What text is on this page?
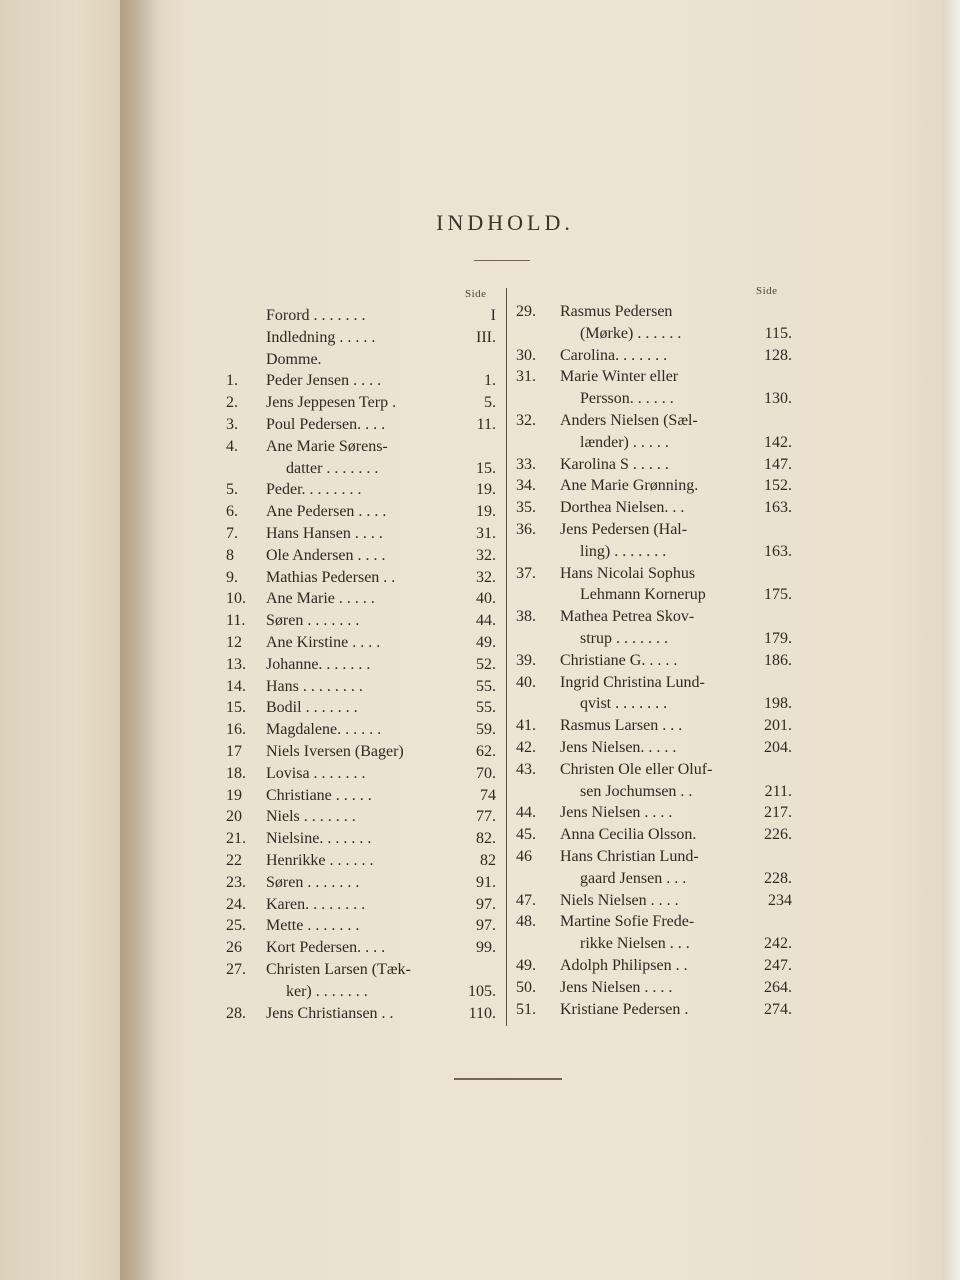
INDHOLD.
Side	Side
Forord . . . . . . .	I
Indledning . . . . .	III.
Domme.
1.	Peder Jensen . . . .	1.
2.	Jens Jeppesen Terp .	5.
3.	Poul Pedersen. . . .	11.
4.	Ane Marie Sørens-
datter . . . . . . .	15.
5.	Peder. . . . . . . .	19.
6.	Ane Pedersen . . . .	19.
7.	Hans Hansen . . . .	31.
8	Ole Andersen . . . .	32.
9.	Mathias Pedersen . .	32.
10.	Ane Marie . . . . .	40.
11.	Søren . . . . . . .	44.
12	Ane Kirstine . . . .	49.
13.	Johanne. . . . . . .	52.
14.	Hans . . . . . . . .	55.
15.	Bodil . . . . . . .	55.
16.	Magdalene. . . . . .	59.
17	Niels Iversen (Bager)	62.
18.	Lovisa . . . . . . .	70.
19	Christiane . . . . .	74
20	Niels . . . . . . .	77.
21.	Nielsine. . . . . . .	82.
22	Henrikke . . . . . .	82
23.	Søren . . . . . . .	91.
24.	Karen. . . . . . . .	97.
25.	Mette . . . . . . .	97.
26	Kort Pedersen. . . .	99.
27.	Christen Larsen (Tæk-
ker) . . . . . . .	105.
28.	Jens Christiansen . .	110.
29.	Rasmus Pedersen
(Mørke) . . . . . .	115.
30.	Carolina. . . . . . .	128.
31.	Marie Winter eller
Persson. . . . . .	130.
32.	Anders Nielsen (Sæl-
lænder) . . . . .	142.
33.	Karolina S . . . . .	147.
34.	Ane Marie Grønning.	152.
35.	Dorthea Nielsen. . .	163.
36.	Jens Pedersen (Hal-
ling) . . . . . . .	163.
37.	Hans Nicolai Sophus
Lehmann Kornerup	175.
38.	Mathea Petrea Skov-
strup . . . . . . .	179.
39.	Christiane G. . . . .	186.
40.	Ingrid Christina Lund-
qvist . . . . . . .	198.
41.	Rasmus Larsen . . .	201.
42.	Jens Nielsen. . . . .	204.
43.	Christen Ole eller Oluf-
sen Jochumsen . .	211.
44.	Jens Nielsen . . . .	217.
45.	Anna Cecilia Olsson.	226.
46	Hans Christian Lund-
gaard Jensen . . .	228.
47.	Niels Nielsen . . . .	234
48.	Martine Sofie Frede-
rikke Nielsen . . .	242.
49.	Adolph Philipsen . .	247.
50.	Jens Nielsen . . . .	264.
51.	Kristiane Pedersen .	274.
